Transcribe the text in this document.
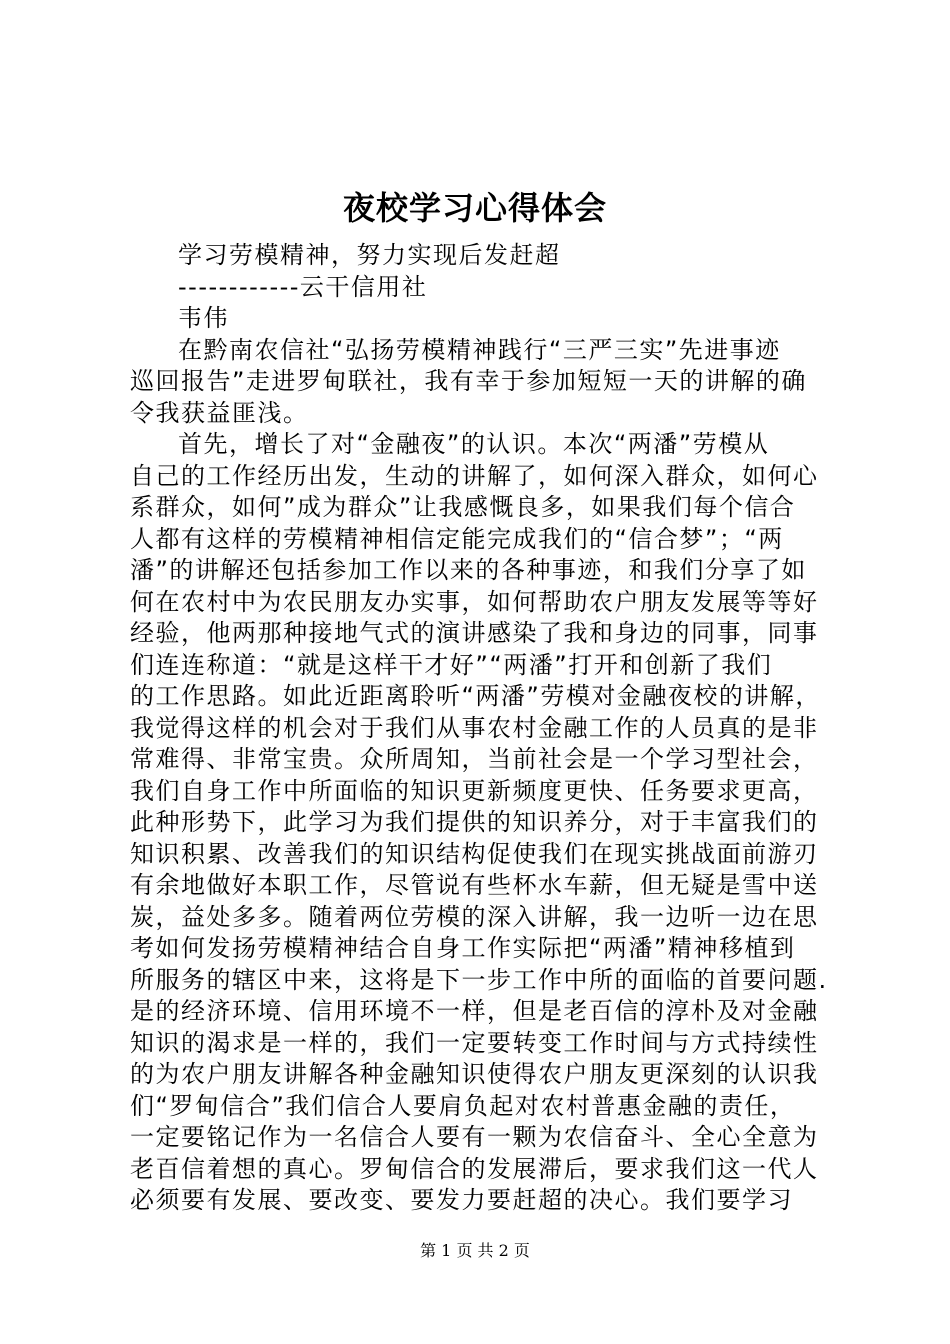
夜校学习心得体会
学习劳模精神，努力实现后发赶超
------------云干信用社
韦伟
在黔南农信社“弘扬劳模精神践行“三严三实”先进事迹
巡回报告”走进罗甸联社，我有幸于参加短短一天的讲解的确
令我获益匪浅。
首先，增长了对“金融夜”的认识。本次“两潘”劳模从
自己的工作经历出发，生动的讲解了，如何深入群众，如何心
系群众，如何”成为群众”让我感慨良多，如果我们每个信合
人都有这样的劳模精神相信定能完成我们的“信合梦”；“两
潘”的讲解还包括参加工作以来的各种事迹，和我们分享了如
何在农村中为农民朋友办实事，如何帮助农户朋友发展等等好
经验，他两那种接地气式的演讲感染了我和身边的同事，同事
们连连称道：“就是这样干才好”“两潘”打开和创新了我们
的工作思路。如此近距离聆听“两潘”劳模对金融夜校的讲解，
我觉得这样的机会对于我们从事农村金融工作的人员真的是非
常难得、非常宝贵。众所周知，当前社会是一个学习型社会，
我们自身工作中所面临的知识更新频度更快、任务要求更高，
此种形势下，此学习为我们提供的知识养分，对于丰富我们的
知识积累、改善我们的知识结构促使我们在现实挑战面前游刃
有余地做好本职工作，尽管说有些杯水车薪，但无疑是雪中送
炭，益处多多。随着两位劳模的深入讲解，我一边听一边在思
考如何发扬劳模精神结合自身工作实际把“两潘”精神移植到
所服务的辖区中来，这将是下一步工作中所的面临的首要问题.
是的经济环境、信用环境不一样，但是老百信的淳朴及对金融
知识的渴求是一样的，我们一定要转变工作时间与方式持续性
的为农户朋友讲解各种金融知识使得农户朋友更深刻的认识我
们“罗甸信合”我们信合人要肩负起对农村普惠金融的责任，
一定要铭记作为一名信合人要有一颗为农信奋斗、全心全意为
老百信着想的真心。罗甸信合的发展滞后，要求我们这一代人
必须要有发展、要改变、要发力要赶超的决心。我们要学习
第 1 页 共 2 页
